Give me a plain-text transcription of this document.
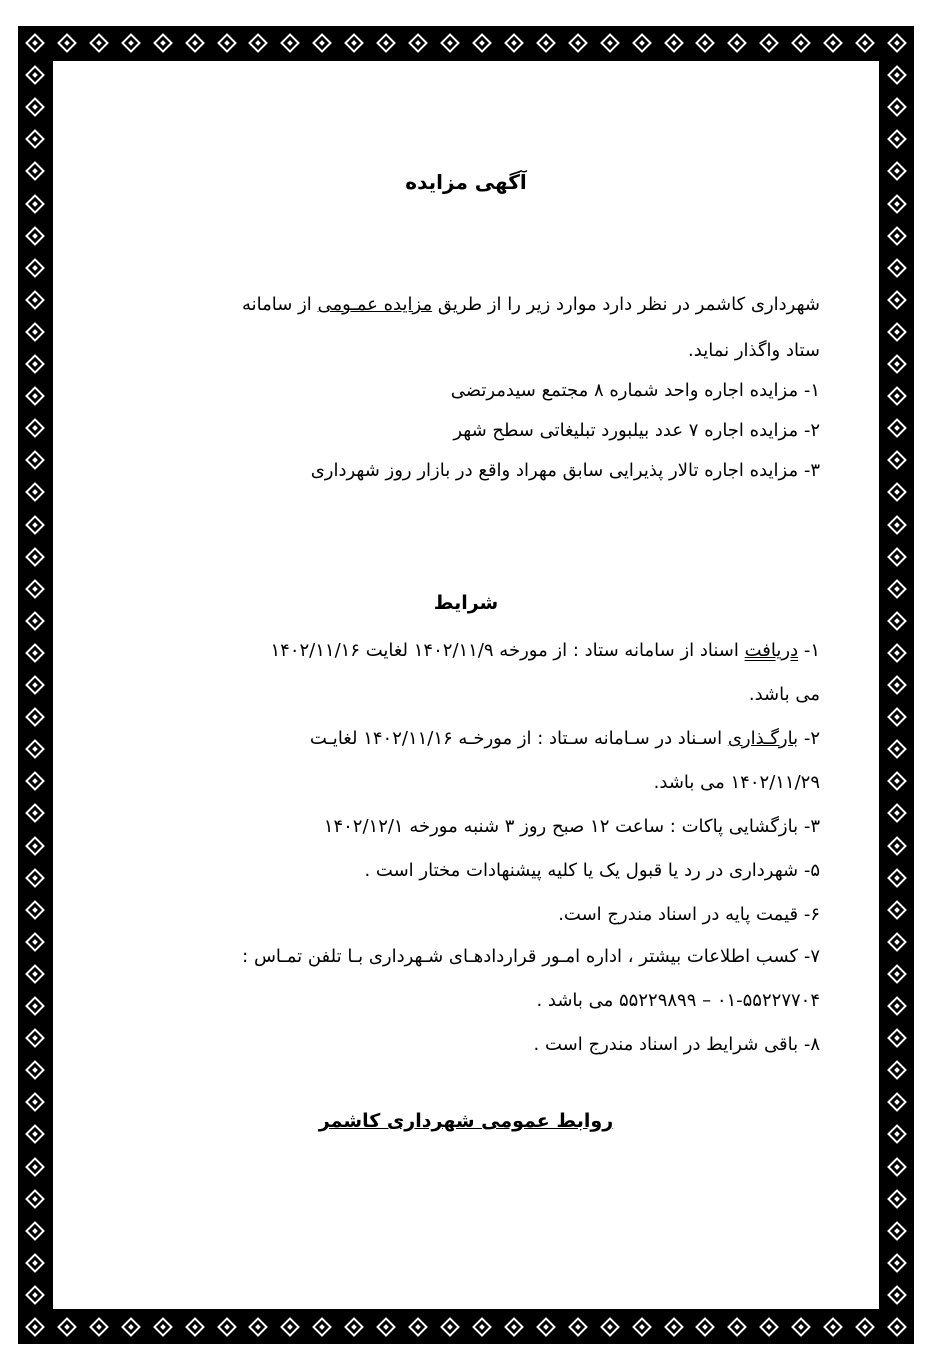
آگهی مزایده
شهرداری کاشمر در نظر دارد موارد زیر را از طریق مزایده عمـومی از سامانه
ستاد واگذار نماید.
۱- مزایده اجاره واحد شماره ۸ مجتمع سیدمرتضی
۲- مزایده اجاره ۷ عدد بیلبورد تبلیغاتی سطح شهر
۳- مزایده اجاره تالار پذیرایی سابق مهراد واقع در بازار روز شهرداری
شرایط
۱- دریافت اسناد از سامانه ستاد : از مورخه ۱۴۰۲/۱۱/۹ لغایت ۱۴۰۲/۱۱/۱۶
می باشد.
۲- بارگـذاری اسـناد در سـامانه سـتاد : از مورخـه ۱۴۰۲/۱۱/۱۶ لغایـت
۱۴۰۲/۱۱/۲۹ می باشد.
۳- بازگشایی پاکات : ساعت ۱۲ صبح روز ۳ شنبه مورخه ۱۴۰۲/۱۲/۱
۵- شهرداری در رد یا قبول یک یا کلیه پیشنهادات مختار است .
۶- قیمت پایه در اسناد مندرج است.
۷- کسب اطلاعات بیشتر ، اداره امـور قراردادهـای شـهرداری بـا تلفن تمـاس :
۰۱-۵۵۲۲۷۷۰۴ – ۵۵۲۲۹۸۹۹ می باشد .
۸- باقی شرایط در اسناد مندرج است .
روابط عمومی شهرداری کاشمر
